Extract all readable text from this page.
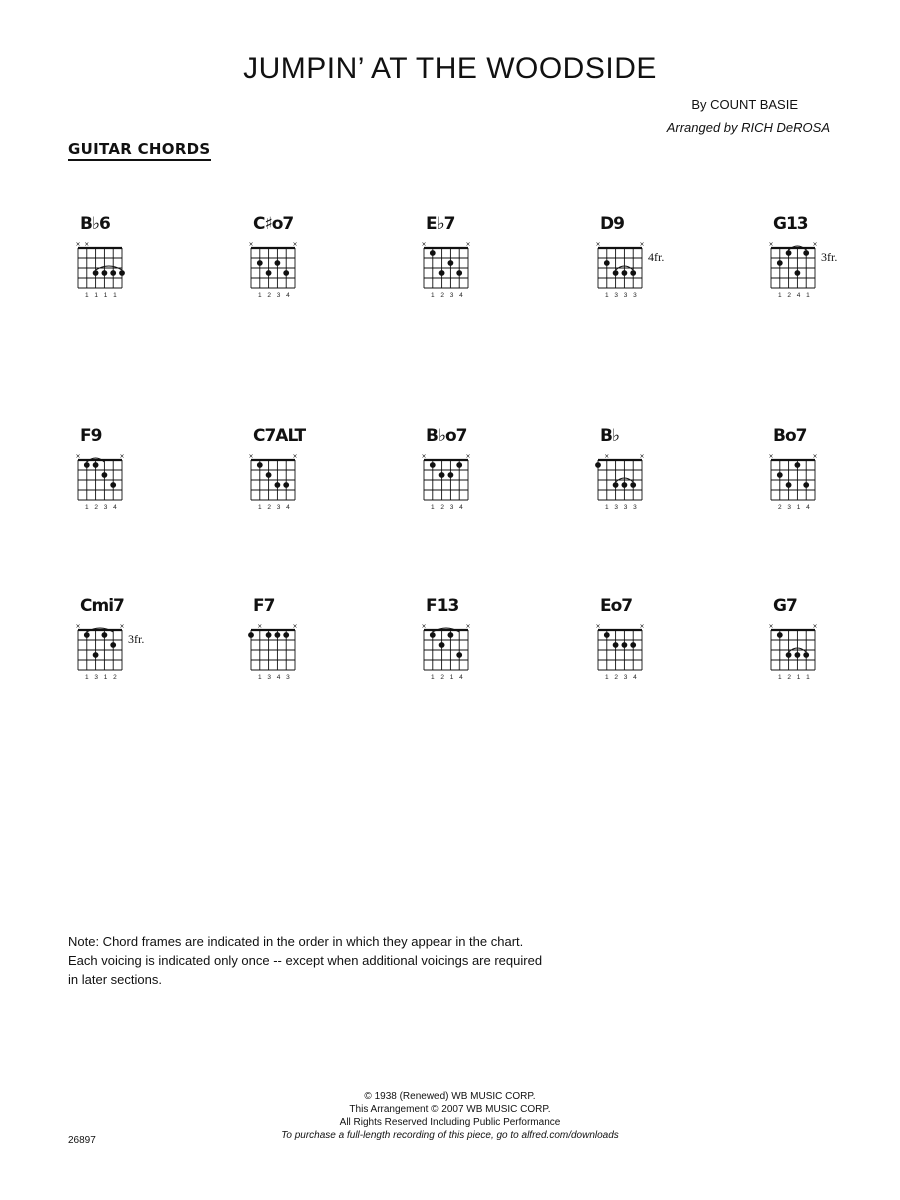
JUMPIN’ AT THE WOODSIDE
By COUNT BASIE
Arranged by RICH DeROSA
GUITAR CHORDS
B♭6
× ×
1 1 1 1
C♯o7
×	×
1 2 3 4
E♭7
×	×
1 2 3 4
D9
×	×
4fr.
1 3 3 3
G13
×	×
3fr.
1 2 4 1
F9
×	×
1 2 3 4
C7ALT
×	×
1 2 3 4
B♭o7
×	×
1 2 3 4
B♭
×	×
1 3 3 3
Bo7
×	×
2 3 1 4
Cmi7
×	×
3fr.
1 3 1 2
F7
×	×
1 3 4 3
F13
×	×
1 2 1 4
Eo7
×	×
1 2 3 4
G7
×	×
1 2 1 1
Note: Chord frames are indicated in the order in which they appear in the chart.
Each voicing is indicated only once -- except when additional voicings are required
in later sections.
© 1938 (Renewed) WB MUSIC CORP.
This Arrangement © 2007 WB MUSIC CORP.
All Rights Reserved Including Public Performance
To purchase a full-length recording of this piece, go to alfred.com/downloads
26897
